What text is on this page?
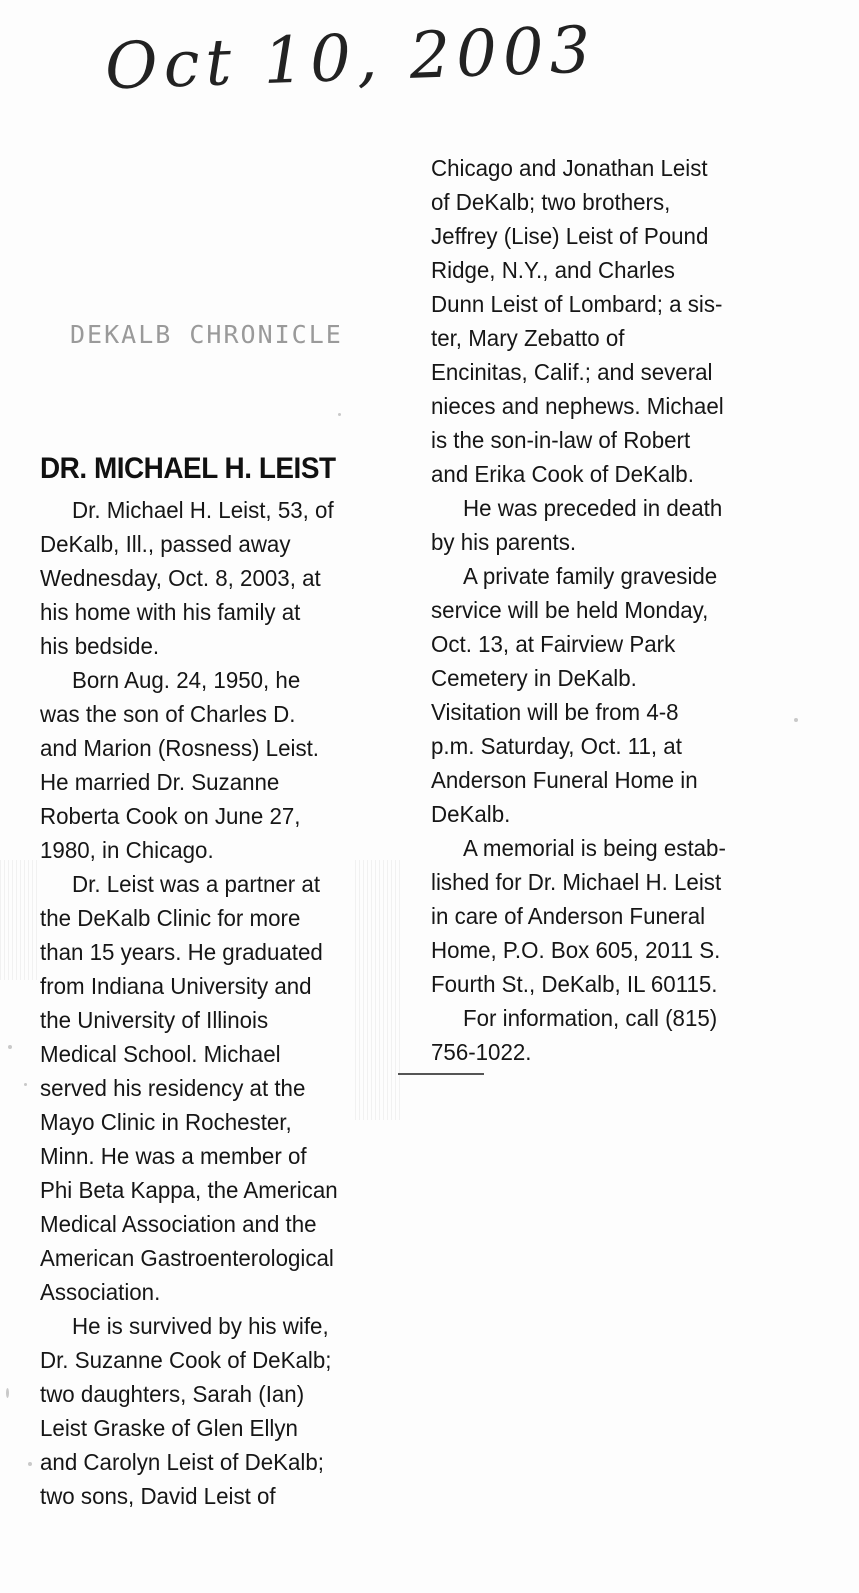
Oct 10, 2003
DEKALB CHRONICLE
DR. MICHAEL H. LEIST
Dr. Michael H. Leist, 53, of
DeKalb, Ill., passed away
Wednesday, Oct. 8, 2003, at
his home with his family at
his bedside.
Born Aug. 24, 1950, he
was the son of Charles D.
and Marion (Rosness) Leist.
He married Dr. Suzanne
Roberta Cook on June 27,
1980, in Chicago.
Dr. Leist was a partner at
the DeKalb Clinic for more
than 15 years. He graduated
from Indiana University and
the University of Illinois
Medical School. Michael
served his residency at the
Mayo Clinic in Rochester,
Minn. He was a member of
Phi Beta Kappa, the American
Medical Association and the
American Gastroenterological
Association.
He is survived by his wife,
Dr. Suzanne Cook of DeKalb;
two daughters, Sarah (Ian)
Leist Graske of Glen Ellyn
and Carolyn Leist of DeKalb;
two sons, David Leist of
Chicago and Jonathan Leist
of DeKalb; two brothers,
Jeffrey (Lise) Leist of Pound
Ridge, N.Y., and Charles
Dunn Leist of Lombard; a sis-
ter, Mary Zebatto of
Encinitas, Calif.; and several
nieces and nephews. Michael
is the son-in-law of Robert
and Erika Cook of DeKalb.
He was preceded in death
by his parents.
A private family graveside
service will be held Monday,
Oct. 13, at Fairview Park
Cemetery in DeKalb.
Visitation will be from 4-8
p.m. Saturday, Oct. 11, at
Anderson Funeral Home in
DeKalb.
A memorial is being estab-
lished for Dr. Michael H. Leist
in care of Anderson Funeral
Home, P.O. Box 605, 2011 S.
Fourth St., DeKalb, IL 60115.
For information, call (815)
756-1022.
